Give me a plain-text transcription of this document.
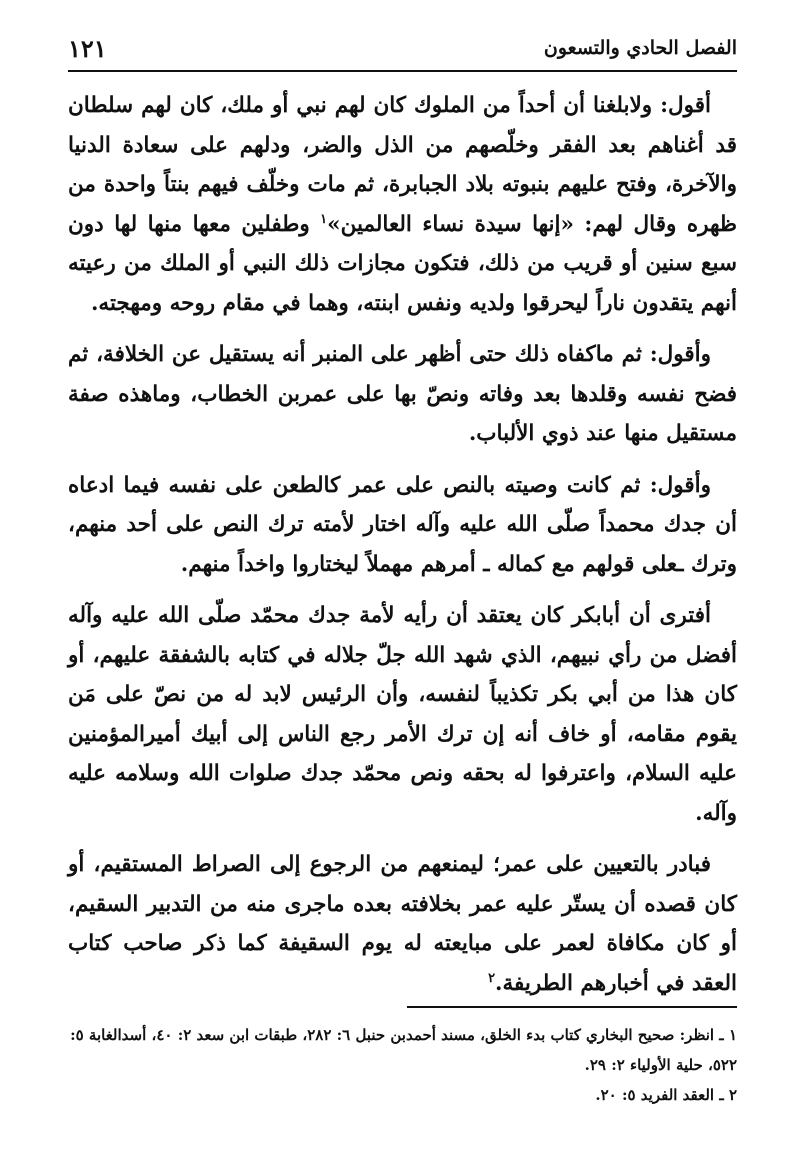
الفصل الحادي والتسعون
١٢١

أقول: ولابلغنا أن أحداً من الملوك كان لهم نبي أو ملك، كان لهم سلطان قد أغناهم بعد الفقر وخلّصهم من الذل والضر، ودلهم على سعادة الدنيا والآخرة، وفتح عليهم بنبوته بلاد الجبابرة، ثم مات وخلّف فيهم بنتاً واحدة من ظهره وقال لهم: «إنها سيدة نساء العالمين»$^١$ وطفلين معها منها لها دون سبع سنين أو قريب من ذلك، فتكون مجازات ذلك النبي أو الملك من رعيته أنهم يتقدون ناراً ليحرقوا ولديه ونفس ابنته، وهما في مقام روحه ومهجته.

وأقول: ثم ماكفاه ذلك حتى أظهر على المنبر أنه يستقيل عن الخلافة، ثم فضح نفسه وقلدها بعد وفاته ونصّ بها على عمربن الخطاب، وماهذه صفة مستقيل منها عند ذوي الألباب.

وأقول: ثم كانت وصيته بالنص على عمر كالطعن على نفسه فيما ادعاه أن جدك محمداً صلّى الله عليه وآله اختار لأمته ترك النص على أحد منهم، وترك ـعلى قولهم مع كماله ـ أمرهم مهملاً ليختاروا واخداً منهم.

أفترى أن أبابكر كان يعتقد أن رأيه لأمة جدك محمّد صلّى الله عليه وآله أفضل من رأي نبيهم، الذي شهد الله جلّ جلاله في كتابه بالشفقة عليهم، أو كان هذا من أبي بكر تكذيباً لنفسه، وأن الرئيس لابد له من نصّ على مَن يقوم مقامه، أو خاف أنه إن ترك الأمر رجع الناس إلى أبيك أميرالمؤمنين عليه السلام، واعترفوا له بحقه ونص محمّد جدك صلوات الله وسلامه عليه وآله.

فبادر بالتعيين على عمر؛ ليمنعهم من الرجوع إلى الصراط المستقيم، أو كان قصده أن يستّر عليه عمر بخلافته بعده ماجرى منه من التدبير السقيم، أو كان مكافاة لعمر على مبايعته له يوم السقيفة كما ذكر صاحب كتاب العقد في أخبارهم الطريفة.$^٢$

١ ـ انظر: صحيح البخاري كتاب بدء الخلق، مسند أحمدبن حنبل ٦: ٢٨٢، طبقات ابن سعد ٢: ٤٠، أسدالغابة ٥: ٥٢٢، حلية الأولياء ٢: ٢٩.

٢ ـ العقد الفريد ٥: ٢٠.
